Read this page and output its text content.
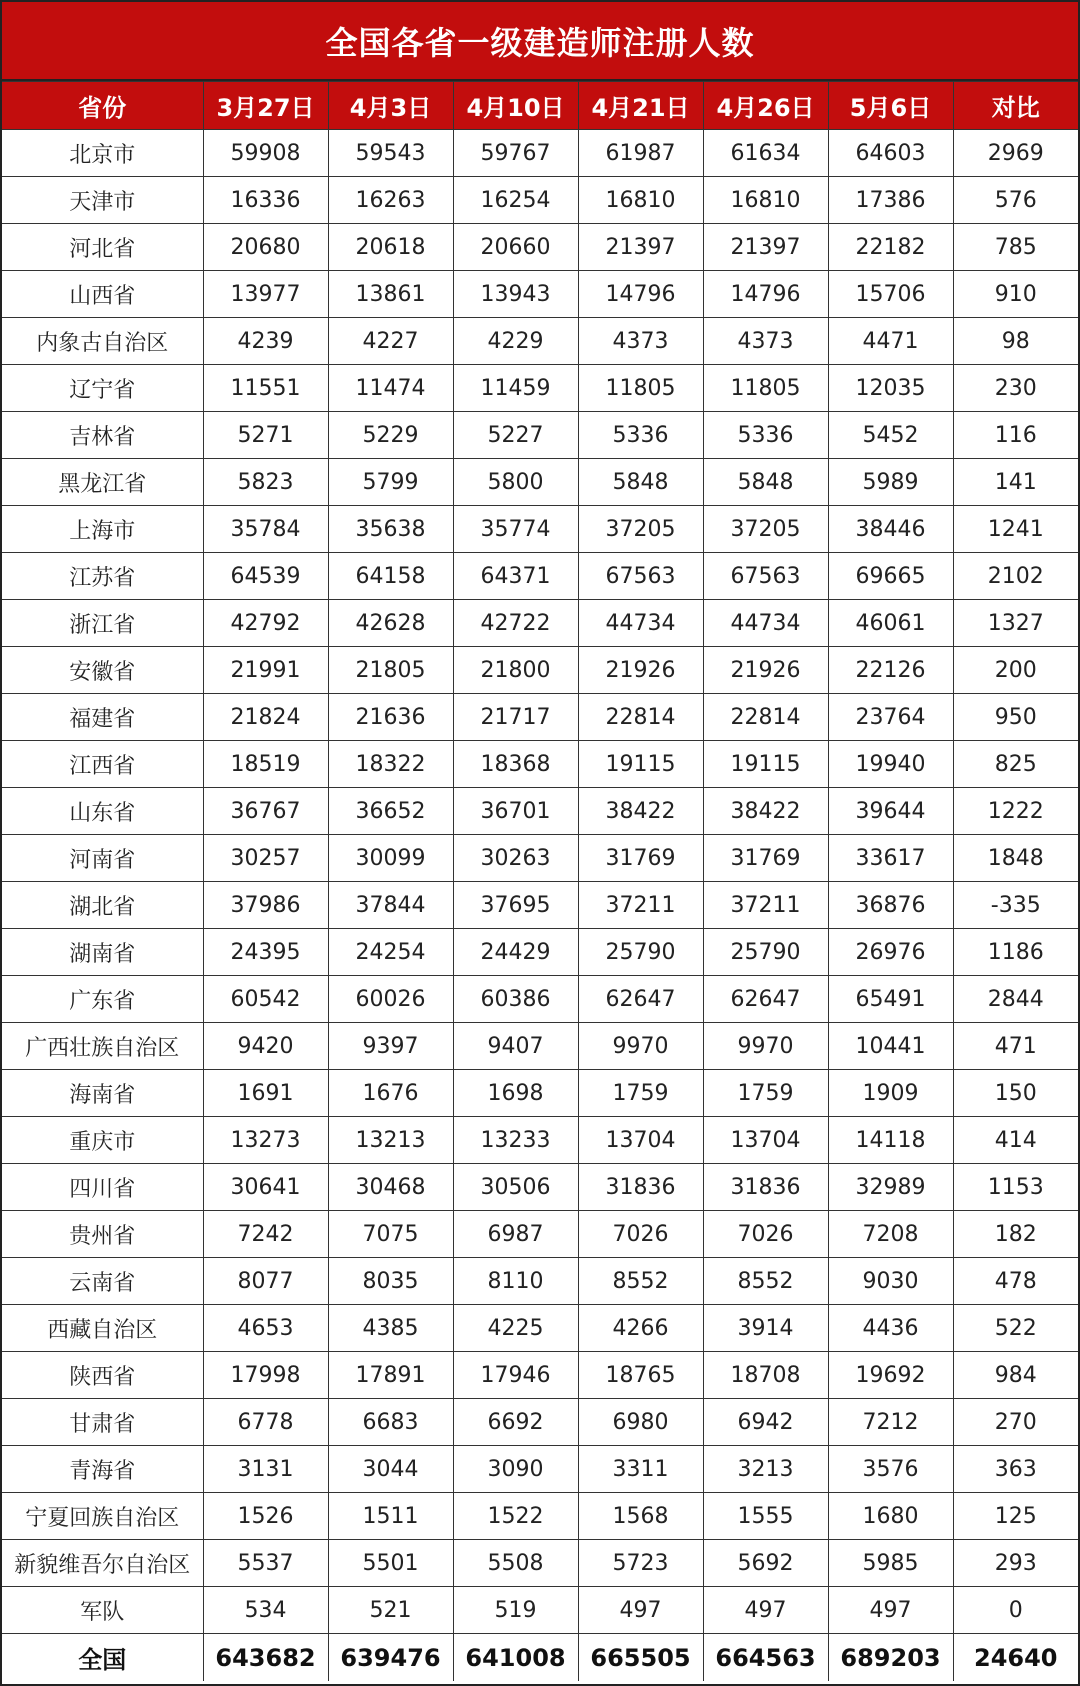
全国各省一级建造师注册人数
省份	3月27日	4月3日	4月10日	4月21日	4月26日	5月6日	对比
北京市	59908	59543	59767	61987	61634	64603	2969
天津市	16336	16263	16254	16810	16810	17386	576
河北省	20680	20618	20660	21397	21397	22182	785
山西省	13977	13861	13943	14796	14796	15706	910
内象古自治区	4239	4227	4229	4373	4373	4471	98
辽宁省	11551	11474	11459	11805	11805	12035	230
吉林省	5271	5229	5227	5336	5336	5452	116
黑龙江省	5823	5799	5800	5848	5848	5989	141
上海市	35784	35638	35774	37205	37205	38446	1241
江苏省	64539	64158	64371	67563	67563	69665	2102
浙江省	42792	42628	42722	44734	44734	46061	1327
安徽省	21991	21805	21800	21926	21926	22126	200
福建省	21824	21636	21717	22814	22814	23764	950
江西省	18519	18322	18368	19115	19115	19940	825
山东省	36767	36652	36701	38422	38422	39644	1222
河南省	30257	30099	30263	31769	31769	33617	1848
湖北省	37986	37844	37695	37211	37211	36876	-335
湖南省	24395	24254	24429	25790	25790	26976	1186
广东省	60542	60026	60386	62647	62647	65491	2844
广西壮族自治区	9420	9397	9407	9970	9970	10441	471
海南省	1691	1676	1698	1759	1759	1909	150
重庆市	13273	13213	13233	13704	13704	14118	414
四川省	30641	30468	30506	31836	31836	32989	1153
贵州省	7242	7075	6987	7026	7026	7208	182
云南省	8077	8035	8110	8552	8552	9030	478
西藏自治区	4653	4385	4225	4266	3914	4436	522
陕西省	17998	17891	17946	18765	18708	19692	984
甘肃省	6778	6683	6692	6980	6942	7212	270
青海省	3131	3044	3090	3311	3213	3576	363
宁夏回族自治区	1526	1511	1522	1568	1555	1680	125
新貌维吾尔自治区	5537	5501	5508	5723	5692	5985	293
军队	534	521	519	497	497	497	0
全国	643682	639476	641008	665505	664563	689203	24640
